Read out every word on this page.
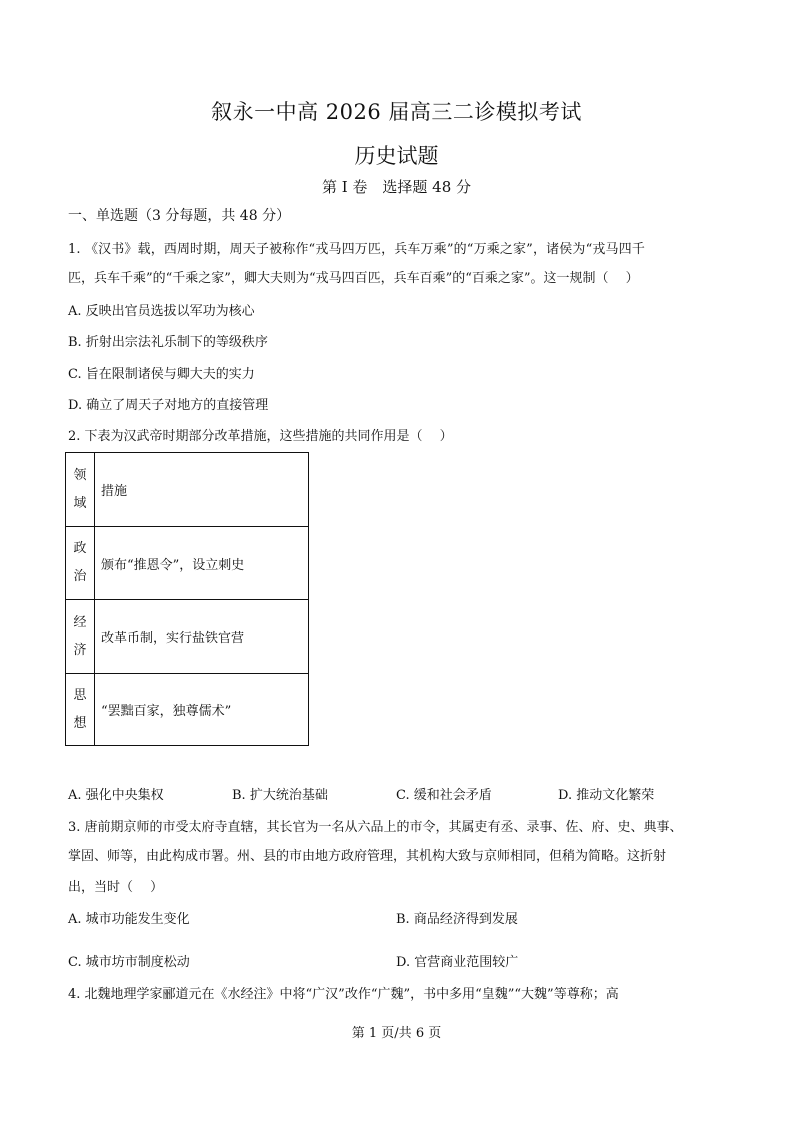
叙永一中高 2026 届高三二诊模拟考试
历史试题
第 I 卷　选择题 48 分
一、单选题（3 分每题，共 48 分）
1. 《汉书》载，西周时期，周天子被称作“戎马四万匹，兵车万乘”的“万乘之家”，诸侯为“戎马四千
匹，兵车千乘”的“千乘之家”，卿大夫则为“戎马四百匹，兵车百乘”的“百乘之家”。这一规制（　 ）
A. 反映出官员选拔以军功为核心
B. 折射出宗法礼乐制下的等级秩序
C. 旨在限制诸侯与卿大夫的实力
D. 确立了周天子对地方的直接管理
2. 下表为汉武帝时期部分改革措施，这些措施的共同作用是（　 ）
领
域	措施

政
治	颁布“推恩令”，设立刺史

经
济	改革币制，实行盐铁官营

思
想	“罢黜百家，独尊儒术”
A. 强化中央集权	B. 扩大统治基础	C. 缓和社会矛盾	D. 推动文化繁荣
3. 唐前期京师的市受太府寺直辖，其长官为一名从六品上的市令，其属吏有丞、录事、佐、府、史、典事、
掌固、师等，由此构成市署。州、县的市由地方政府管理，其机构大致与京师相同，但稍为简略。这折射
出，当时（　 ）
A. 城市功能发生变化	B. 商品经济得到发展
C. 城市坊市制度松动	D. 官营商业范围较广
4. 北魏地理学家郦道元在《水经注》中将“广汉”改作“广魏”，书中多用“皇魏”“大魏”等尊称；高
第 1 页/共 6 页
